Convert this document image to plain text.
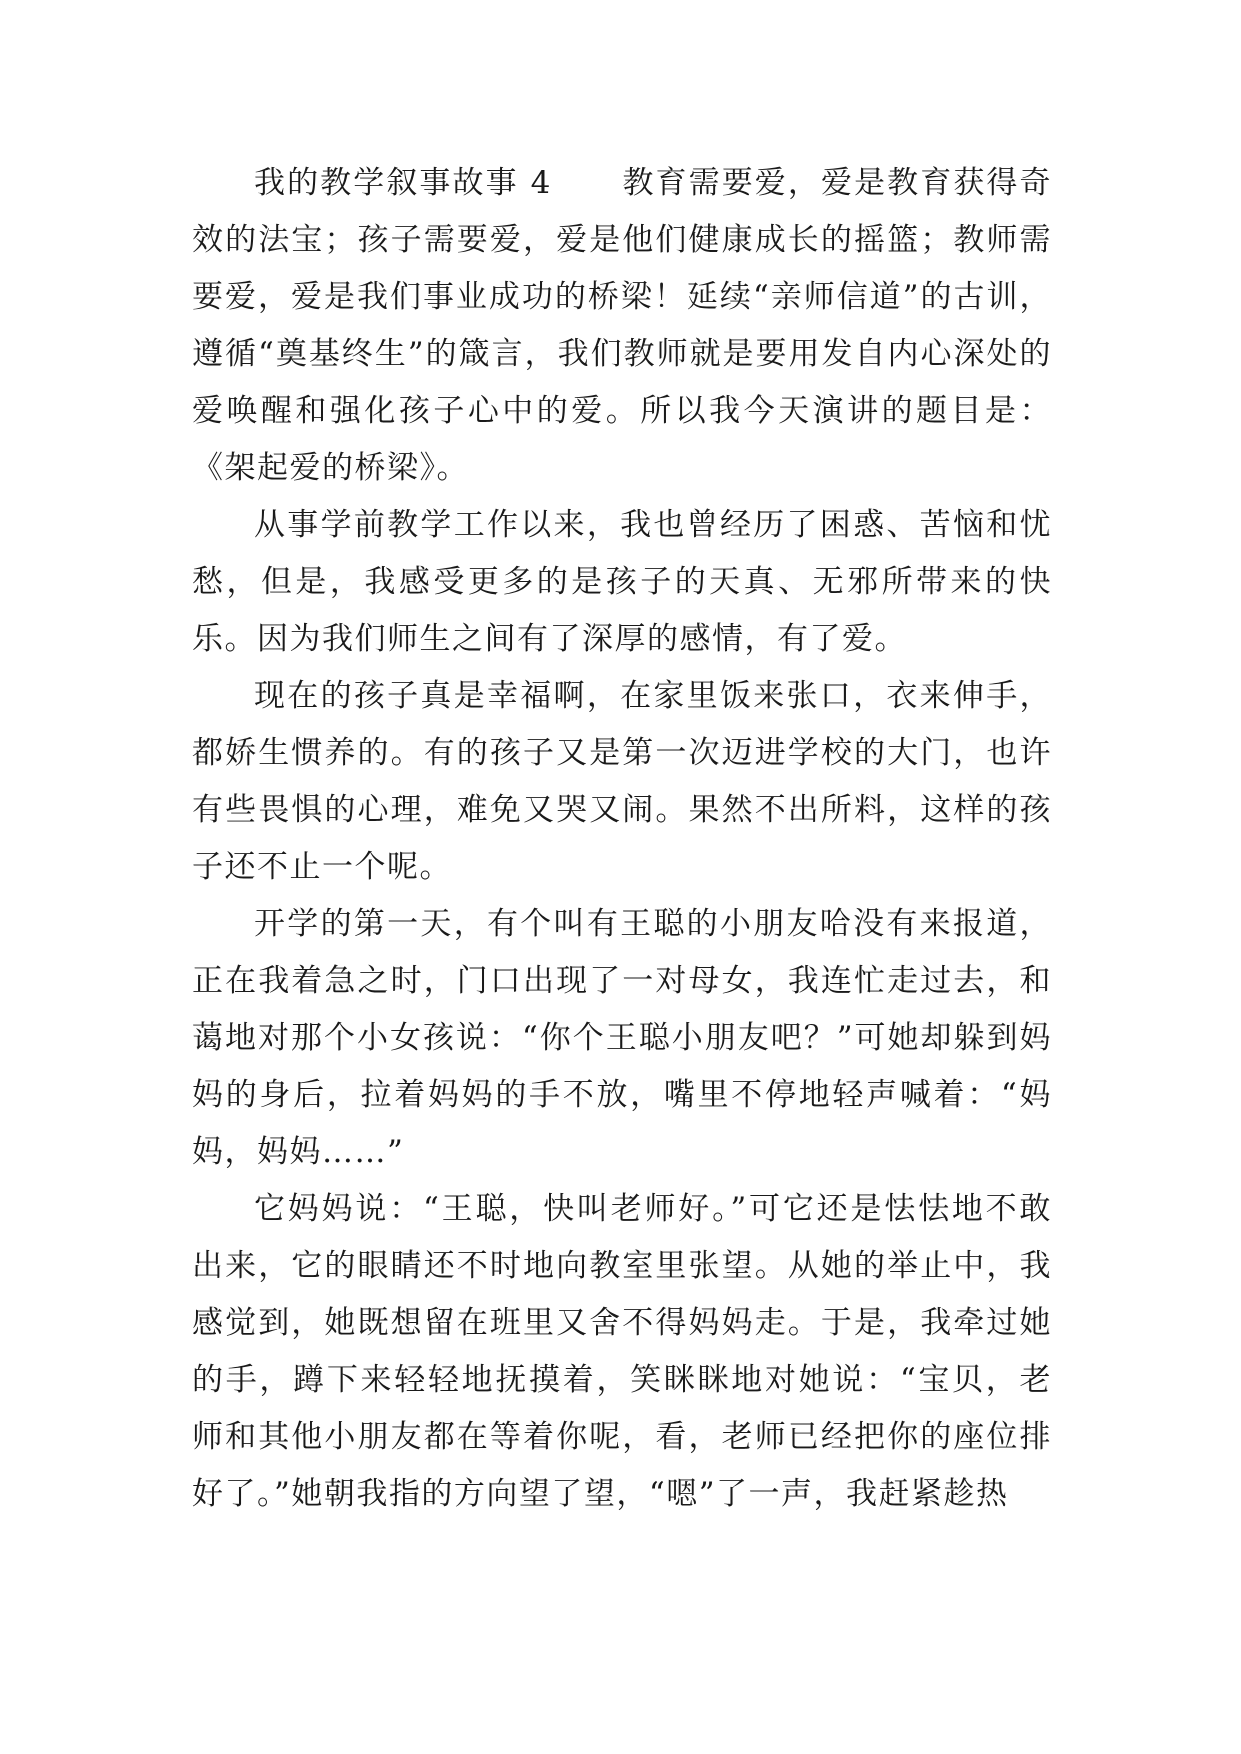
我的教学叙事故事 4 教育需要爱，爱是教育获得奇效的法宝；孩子需要爱，爱是他们健康成长的摇篮；教师需要爱，爱是我们事业成功的桥梁！延续“亲师信道”的古训，遵循“奠基终生”的箴言，我们教师就是要用发自内心深处的爱唤醒和强化孩子心中的爱。所以我今天演讲的题目是：《架起爱的桥梁》。

从事学前教学工作以来，我也曾经历了困惑、苦恼和忧愁，但是，我感受更多的是孩子的天真、无邪所带来的快乐。因为我们师生之间有了深厚的感情，有了爱。

现在的孩子真是幸福啊，在家里饭来张口，衣来伸手，都娇生惯养的。有的孩子又是第一次迈进学校的大门，也许有些畏惧的心理，难免又哭又闹。果然不出所料，这样的孩子还不止一个呢。

开学的第一天，有个叫有王聪的小朋友哈没有来报道，正在我着急之时，门口出现了一对母女，我连忙走过去，和蔼地对那个小女孩说：“你个王聪小朋友吧？”可她却躲到妈妈的身后，拉着妈妈的手不放，嘴里不停地轻声喊着：“妈妈，妈妈……”

它妈妈说：“王聪，快叫老师好。”可它还是怯怯地不敢出来，它的眼睛还不时地向教室里张望。从她的举止中，我感觉到，她既想留在班里又舍不得妈妈走。于是，我牵过她的手，蹲下来轻轻地抚摸着，笑眯眯地对她说：“宝贝，老师和其他小朋友都在等着你呢，看，老师已经把你的座位排好了。”她朝我指的方向望了望，“嗯”了一声，我赶紧趁热
